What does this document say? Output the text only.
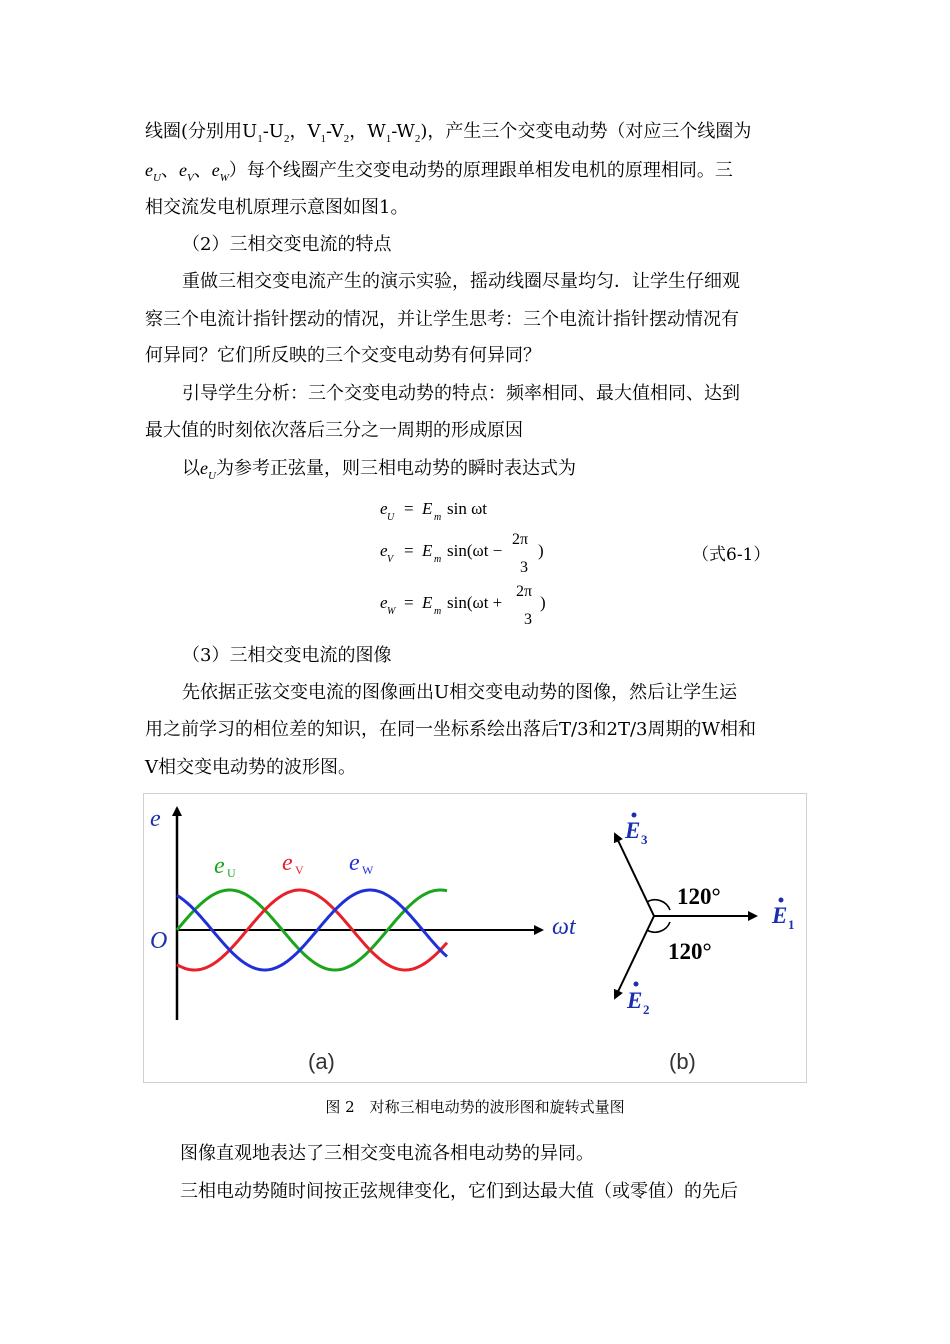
线圈(分别用$U_1-U_2$，$V_1-V_2$，$W_1-W_2$)，产生三个交变电动势（对应三个线圈为
$e_U$、$e_V$、$e_W$）每个线圈产生交变电动势的原理跟单相发电机的原理相同。三
相交流发电机原理示意图如图1。
（2）三相交变电流的特点
重做三相交变电流产生的演示实验，摇动线圈尽量均匀．让学生仔细观
察三个电流计指针摆动的情况，并让学生思考：三个电流计指针摆动情况有
何异同？它们所反映的三个交变电动势有何异同？
引导学生分析：三个交变电动势的特点：频率相同、最大值相同、达到
最大值的时刻依次落后三分之一周期的形成原因
以$e_U$为参考正弦量，则三相电动势的瞬时表达式为
e U = E m sin ωt
e V = E m sin(ωt −
2π
3
)
e W = E m sin(ωt +
2π
3
)
（式6-1）
（3）三相交变电流的图像
先依据正弦交变电流的图像画出U相交变电动势的图像，然后让学生运
用之前学习的相位差的知识，在同一坐标系绘出落后T/3和2T/3周期的W相和
V相交变电动势的波形图。
e
ωt
O
e U e V e W
120°
120°
E 1
E 3
E 2
(a)	(b)
图 2　对称三相电动势的波形图和旋转式量图
图像直观地表达了三相交变电流各相电动势的异同。
三相电动势随时间按正弦规律变化，它们到达最大值（或零值）的先后
